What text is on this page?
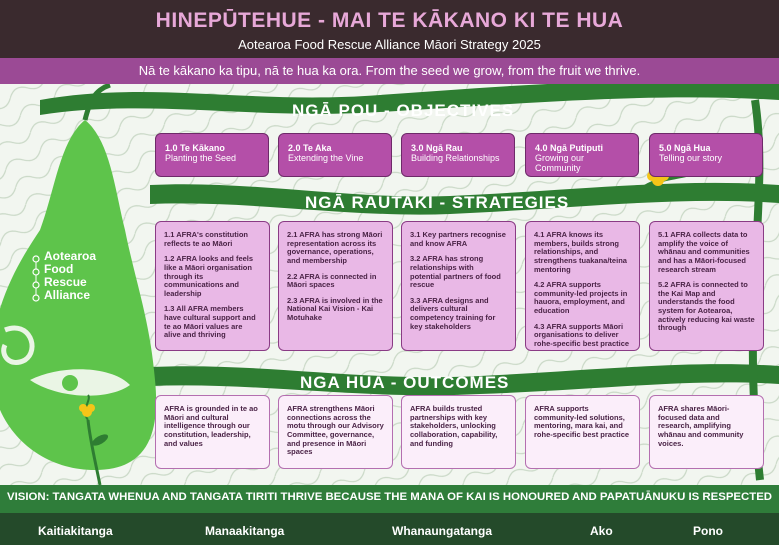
HINEPŪTEHUE - MAI TE KĀKANO KI TE HUA
Aotearoa Food Rescue Alliance Māori Strategy 2025
Nā te kākano ka tipu, nā te hua ka ora. From the seed we grow, from the fruit we thrive.
Aotearoa
Food
Rescue
Alliance
NGĀ POU - OBJECTIVES
NGĀ RAUTAKI - STRATEGIES
NGA HUA - OUTCOMES
1.0 Te Kākano
Planting the Seed
2.0 Te Aka
Extending the Vine
3.0 Ngā Rau
Building Relationships
4.0 Ngā Putiputi
Growing our Community
5.0 Ngā Hua
Telling our story

1.1 AFRA's constitution reflects te ao Māori

1.2 AFRA looks and feels like a Māori organisation through its communications and leadership

1.3 All AFRA members have cultural support and te ao Māori values are alive and thriving

2.1 AFRA has strong Māori representation across its governance, operations, and membership

2.2 AFRA is connected in Māori spaces

2.3 AFRA is involved in the National Kai Vision - Kai Motuhake

3.1 Key partners recognise and know AFRA

3.2 AFRA has strong relationships with potential partners of food rescue

3.3 AFRA designs and delivers cultural competency training for key stakeholders

4.1 AFRA knows its members, builds strong relationships, and strengthens tuakana/teina mentoring

4.2 AFRA supports community-led projects in hauora, employment, and education

4.3 AFRA supports Māori organisations to deliver rohe-specific best practice

5.1 AFRA collects data to amplify the voice of whānau and communities and has a Māori-focused research stream

5.2 AFRA is connected to the Kai Map and understands the food system for Aotearoa, actively reducing kai waste through

AFRA is grounded in te ao Māori and cultural intelligence through our constitution, leadership, and values
AFRA strengthens Māori connections across the motu through our Advisory Committee, governance, and presence in Māori spaces
AFRA builds trusted partnerships with key stakeholders, unlocking collaboration, capability, and funding
AFRA supports community-led solutions, mentoring, mara kai, and rohe-specific best practice
AFRA shares Māori-focused data and research, amplifying whānau and community voices.
VISION: TANGATA WHENUA AND TANGATA TIRITI THRIVE BECAUSE THE MANA OF KAI IS HONOURED AND PAPATUĀNUKU IS RESPECTED
Kaitiakitanga	Manaakitanga	Whanaungatanga	Ako	Pono
